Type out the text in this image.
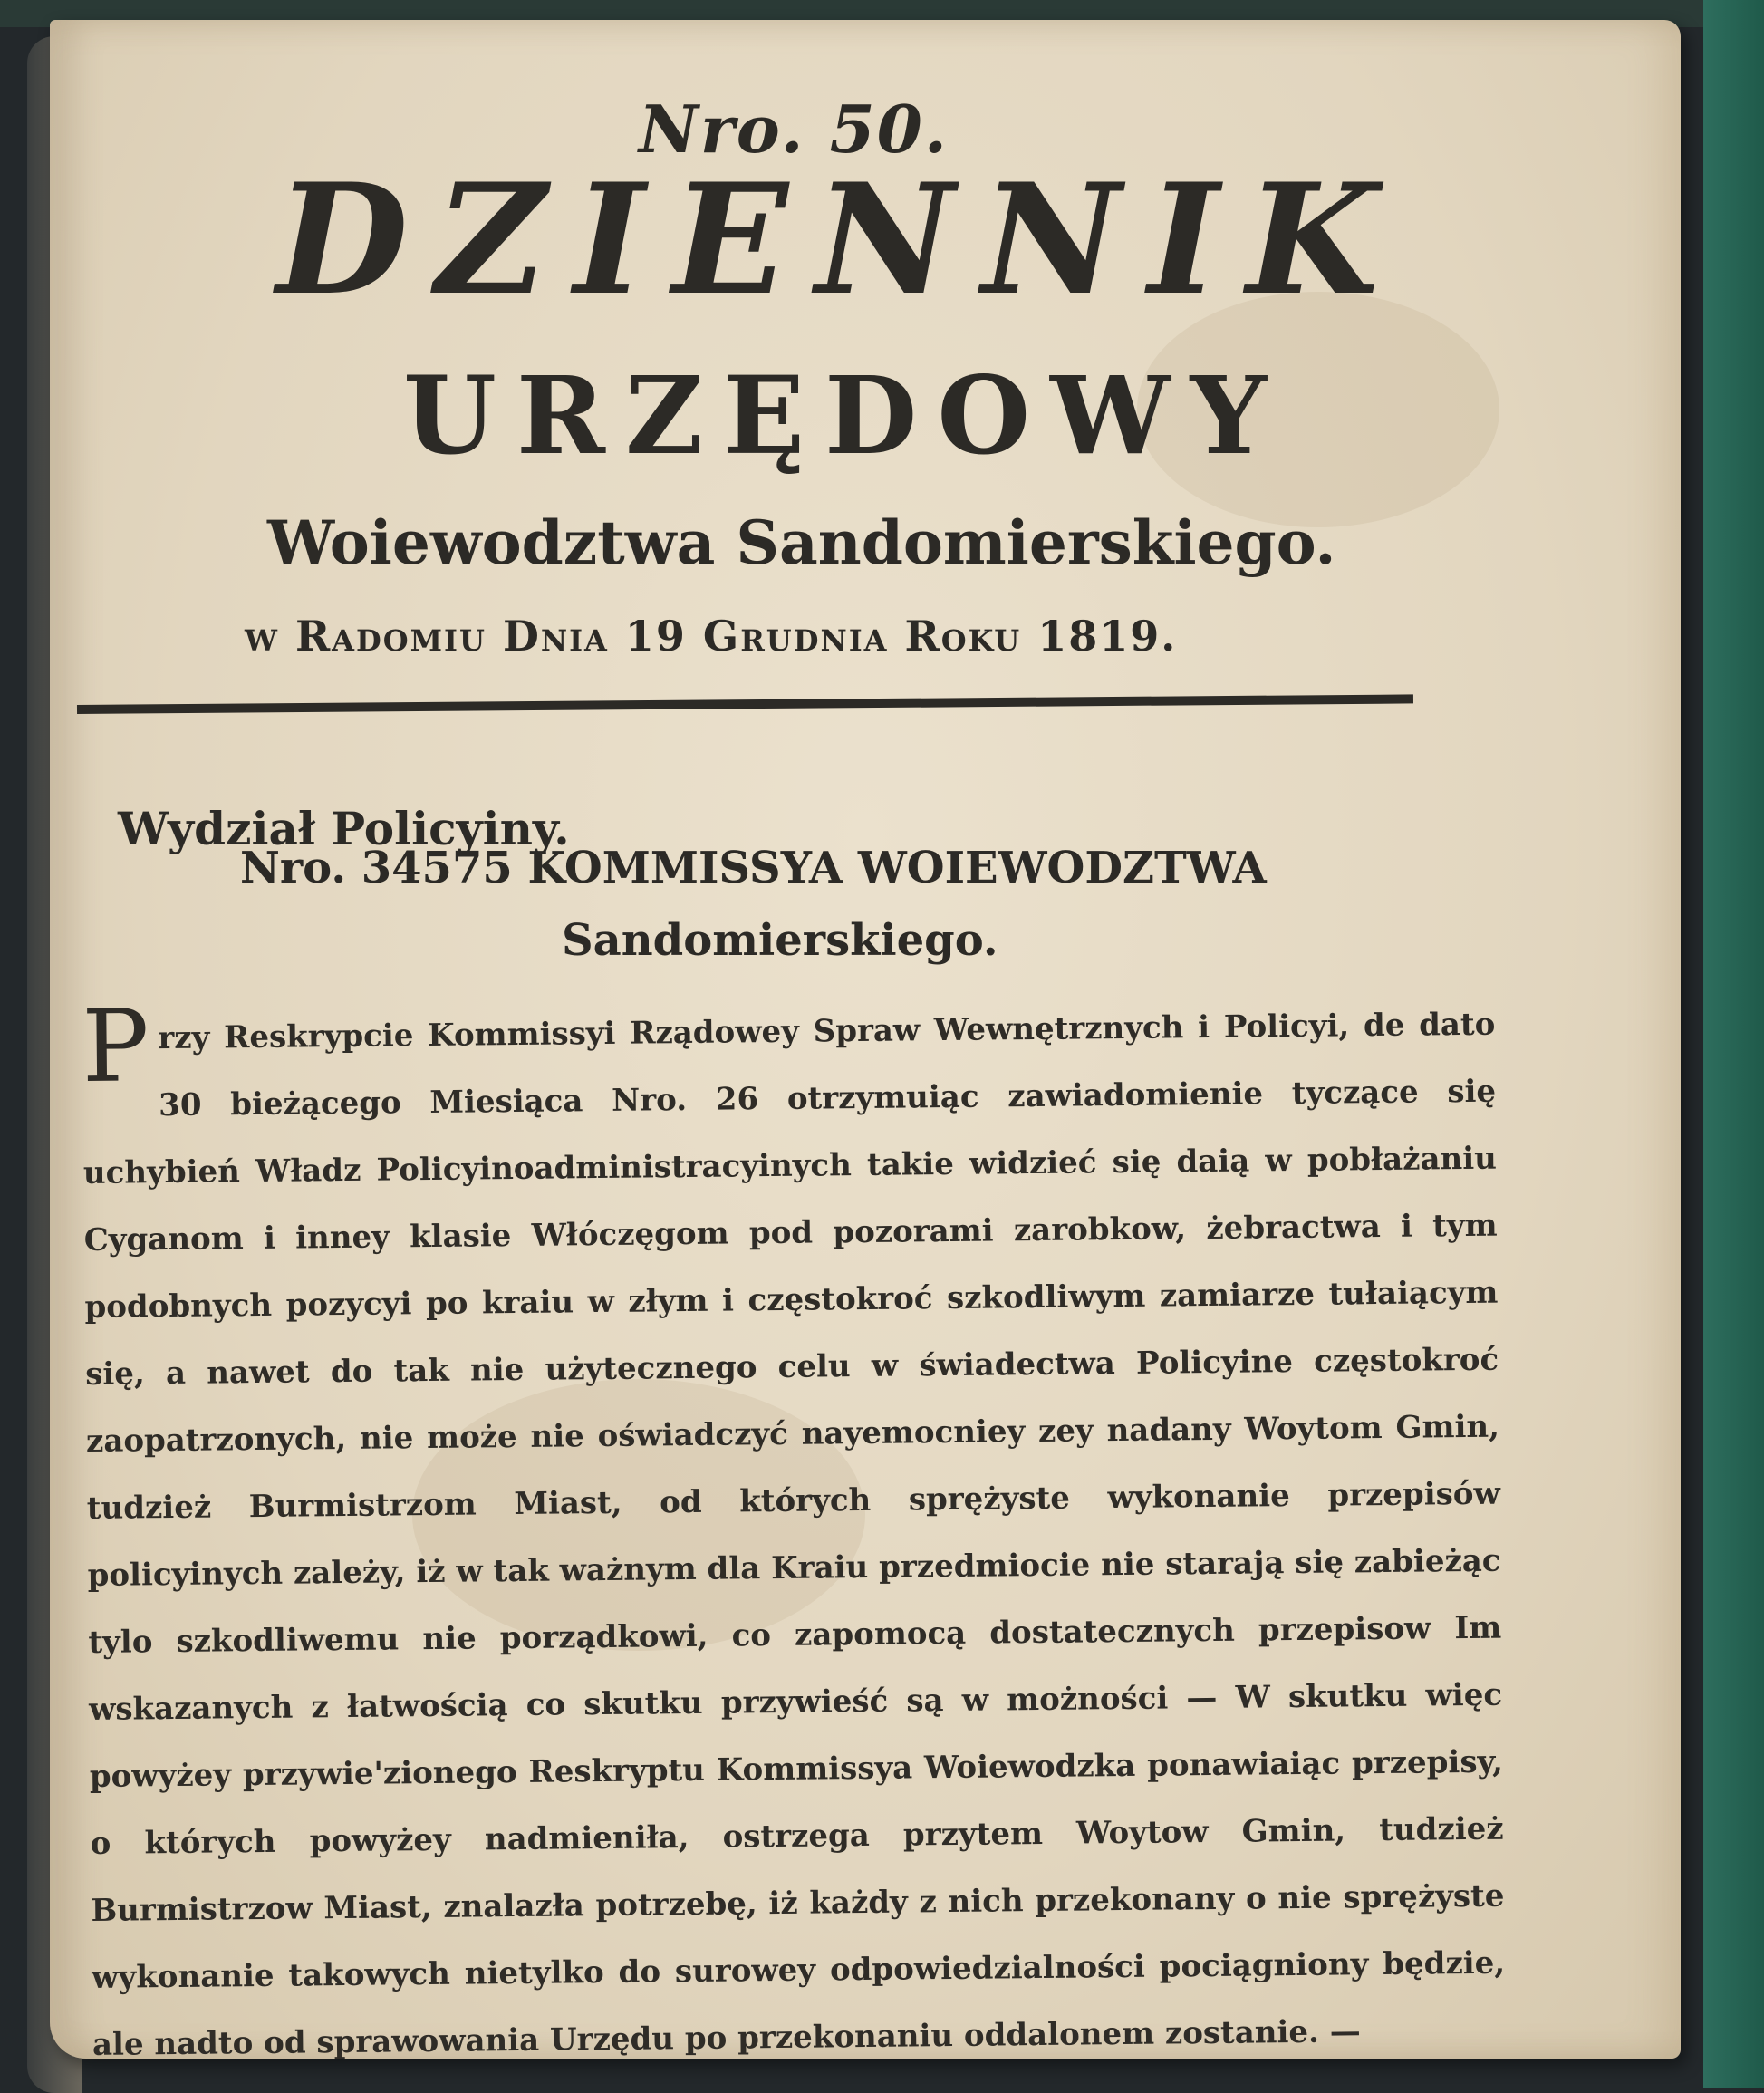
Nro. 50.
DZIENNIK
URZĘDOWY
Woiewodztwa Sandomierskiego.
w Radomiu Dnia 19 Grudnia Roku 1819.
Wydział Policyiny.
Nro. 34575 KOMMISSYA WOIEWODZTWA
Sandomierskiego.
Przy Reskrypcie Kommissyi Rządowey Spraw Wewnętrznych i Policyi, de dato 30 bieżącego Miesiąca Nro. 26 otrzymuiąc zawiadomienie tyczące się uchybień Władz Policyinoadministracyinych takie widzieć się daią w pobłażaniu Cyganom i inney klasie Włóczęgom pod pozorami zarobkow, żebractwa i tym podobnych pozycyi po kraiu w złym i częstokroć szkodliwym zamiarze tułaiącym się, a nawet do tak nie użytecznego celu w świadectwa Policyine częstokroć zaopatrzonych, nie może nie oświadczyć nayemocniey zey nadany Woytom Gmin, tudzież Burmistrzom Miast, od których sprężyste wykonanie przepisów policyinych zależy, iż w tak ważnym dla Kraiu przedmiocie nie starają się zabieżąc tylo szkodliwemu nie porządkowi, co zapomocą dostatecznych przepisow Im wskazanych z łatwością co skutku przywieść są w możności — W skutku więc powyżey przywie'zionego Reskryptu Kommissya Woiewodzka ponawiaiąc przepisy, o których powyżey nadmieniła, ostrzega przytem Woytow Gmin, tudzież Burmistrzow Miast, znalazła potrzebę, iż każdy z nich przekonany o nie sprężyste wykonanie takowych nietylko do surowey odpowiedzialności pociągniony będzie, ale nadto od sprawowania Urzędu po przekonaniu oddalonem zostanie. —
